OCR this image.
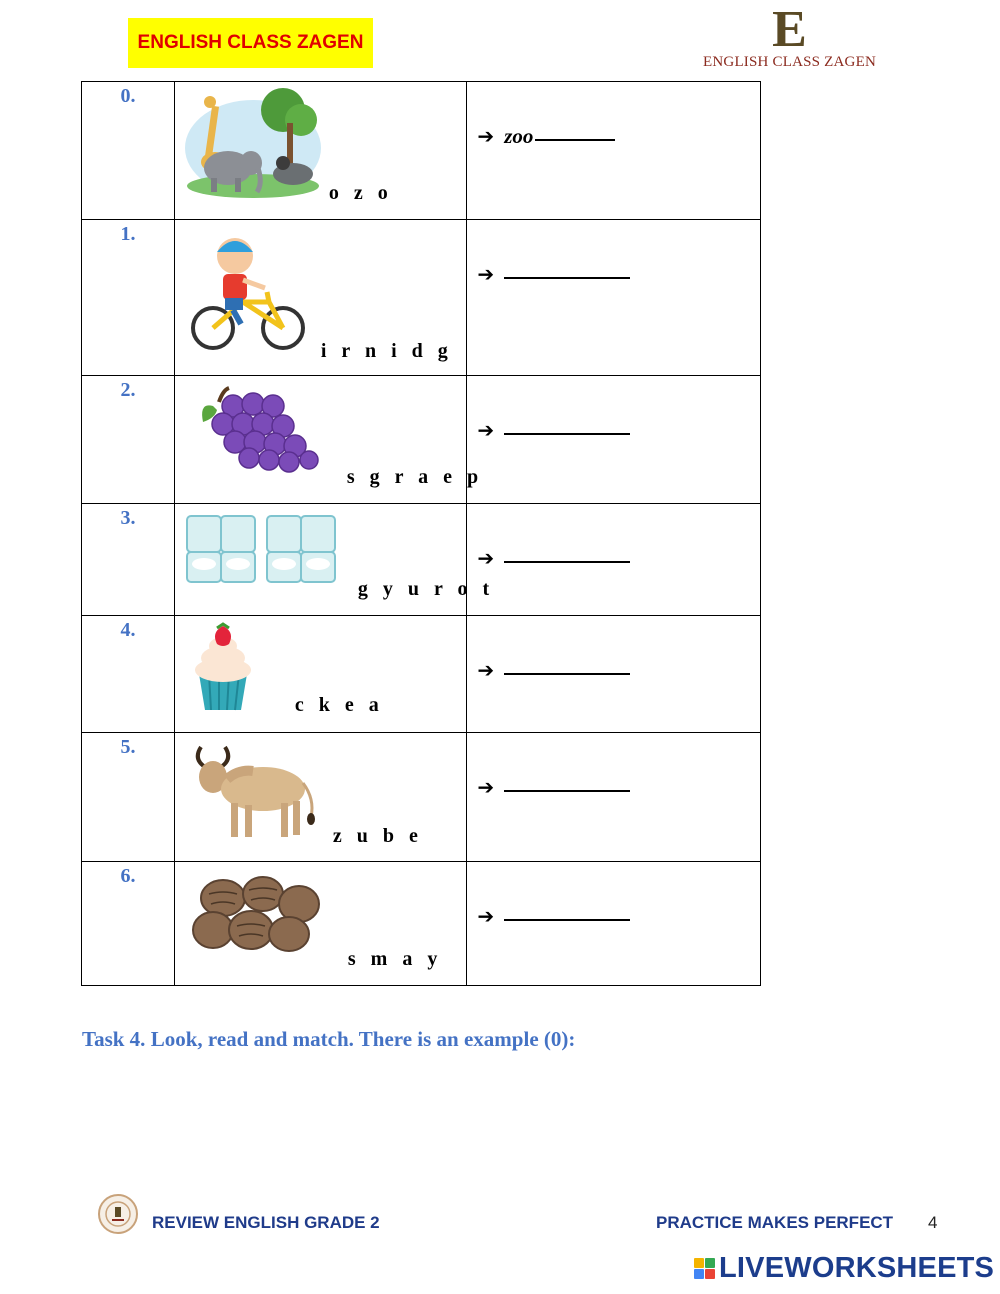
ENGLISH CLASS ZAGEN	E
ENGLISH CLASS ZAGEN
0.	o z o	➔ zoo

1.	i r n i d g	➔

2.	s g r a e p	➔

3.	g y u r o t	➔

4.	c k e a	➔

5.	z u b e	➔

6.	s m a y	➔
Task 4. Look, read and match. There is an example (0):
REVIEW ENGLISH GRADE 2	PRACTICE MAKES PERFECT 4
LIVEWORKSHEETS
